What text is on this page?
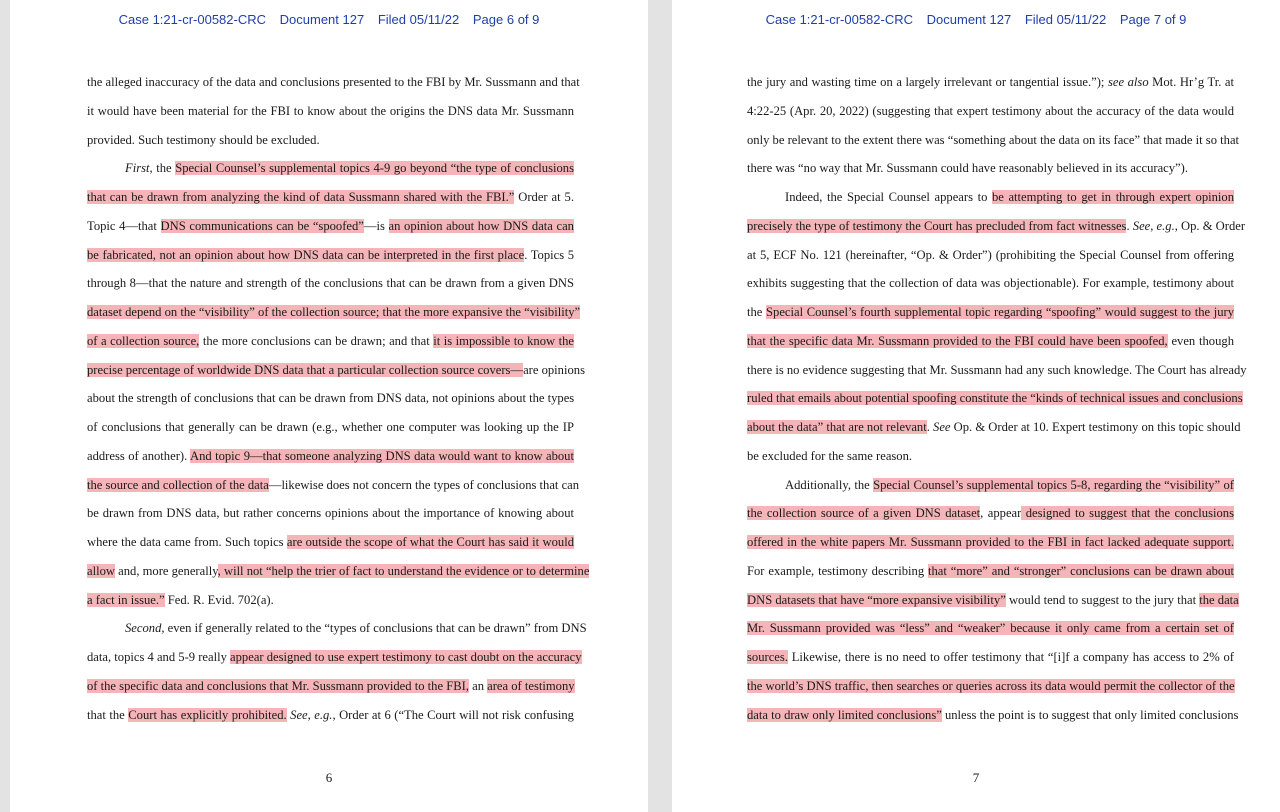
Case 1:21-cr-00582-CRC Document 127 Filed 05/11/22 Page 6 of 9
the alleged inaccuracy of the data and conclusions presented to the FBI by Mr. Sussmann and that
it would have been material for the FBI to know about the origins the DNS data Mr. Sussmann
provided. Such testimony should be excluded.
First, the Special Counsel’s supplemental topics 4-9 go beyond “the type of conclusions
that can be drawn from analyzing the kind of data Sussmann shared with the FBI.” Order at 5.
Topic 4—that DNS communications can be “spoofed”—is an opinion about how DNS data can
be fabricated, not an opinion about how DNS data can be interpreted in the first place. Topics 5
through 8—that the nature and strength of the conclusions that can be drawn from a given DNS
dataset depend on the “visibility” of the collection source; that the more expansive the “visibility”
of a collection source, the more conclusions can be drawn; and that it is impossible to know the
precise percentage of worldwide DNS data that a particular collection source covers—are opinions
about the strength of conclusions that can be drawn from DNS data, not opinions about the types
of conclusions that generally can be drawn (e.g., whether one computer was looking up the IP
address of another). And topic 9—that someone analyzing DNS data would want to know about
the source and collection of the data—likewise does not concern the types of conclusions that can
be drawn from DNS data, but rather concerns opinions about the importance of knowing about
where the data came from. Such topics are outside the scope of what the Court has said it would
allow and, more generally, will not “help the trier of fact to understand the evidence or to determine
a fact in issue.” Fed. R. Evid. 702(a).
Second, even if generally related to the “types of conclusions that can be drawn” from DNS
data, topics 4 and 5-9 really appear designed to use expert testimony to cast doubt on the accuracy
of the specific data and conclusions that Mr. Sussmann provided to the FBI, an area of testimony
that the Court has explicitly prohibited. See, e.g., Order at 6 (“The Court will not risk confusing
6
Case 1:21-cr-00582-CRC Document 127 Filed 05/11/22 Page 7 of 9
the jury and wasting time on a largely irrelevant or tangential issue.”); see also Mot. Hr’g Tr. at
4:22-25 (Apr. 20, 2022) (suggesting that expert testimony about the accuracy of the data would
only be relevant to the extent there was “something about the data on its face” that made it so that
there was “no way that Mr. Sussmann could have reasonably believed in its accuracy”).
Indeed, the Special Counsel appears to be attempting to get in through expert opinion
precisely the type of testimony the Court has precluded from fact witnesses. See, e.g., Op. & Order
at 5, ECF No. 121 (hereinafter, “Op. & Order”) (prohibiting the Special Counsel from offering
exhibits suggesting that the collection of data was objectionable). For example, testimony about
the Special Counsel’s fourth supplemental topic regarding “spoofing” would suggest to the jury
that the specific data Mr. Sussmann provided to the FBI could have been spoofed, even though
there is no evidence suggesting that Mr. Sussmann had any such knowledge. The Court has already
ruled that emails about potential spoofing constitute the “kinds of technical issues and conclusions
about the data” that are not relevant. See Op. & Order at 10. Expert testimony on this topic should
be excluded for the same reason.
Additionally, the Special Counsel’s supplemental topics 5-8, regarding the “visibility” of
the collection source of a given DNS dataset, appear designed to suggest that the conclusions
offered in the white papers Mr. Sussmann provided to the FBI in fact lacked adequate support.
For example, testimony describing that “more” and “stronger” conclusions can be drawn about
DNS datasets that have “more expansive visibility” would tend to suggest to the jury that the data
Mr. Sussmann provided was “less” and “weaker” because it only came from a certain set of
sources. Likewise, there is no need to offer testimony that “[i]f a company has access to 2% of
the world’s DNS traffic, then searches or queries across its data would permit the collector of the
data to draw only limited conclusions” unless the point is to suggest that only limited conclusions
7
